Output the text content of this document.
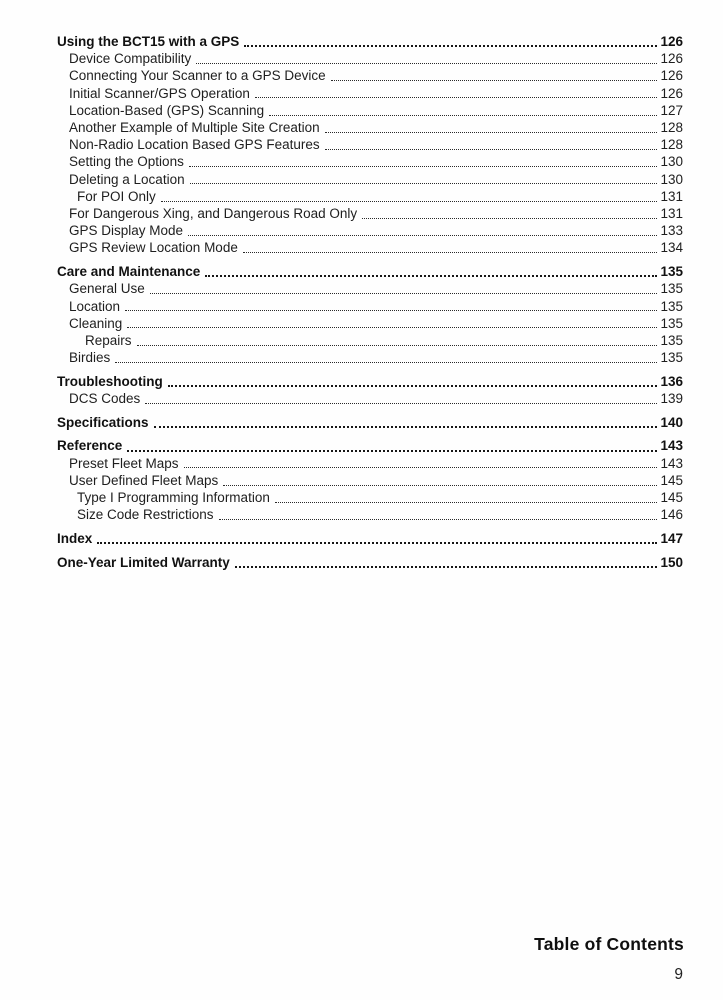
Using the BCT15 with a GPS	126
Device Compatibility	126
Connecting Your Scanner to a GPS Device	126
Initial Scanner/GPS Operation	126
Location-Based (GPS) Scanning	127
Another Example of Multiple Site Creation	128
Non-Radio Location Based GPS Features	128
Setting the Options	130
Deleting a Location	130
For POI Only	131
For Dangerous Xing, and Dangerous Road Only	131
GPS Display Mode	133
GPS Review Location Mode	134
Care and Maintenance	135
General Use	135
Location	135
Cleaning	135
Repairs	135
Birdies	135
Troubleshooting	136
DCS Codes	139
Specifications	140
Reference	143
Preset Fleet Maps	143
User Defined Fleet Maps	145
Type I Programming Information	145
Size Code Restrictions	146
Index	147
One-Year Limited Warranty	150
Table of Contents
9
